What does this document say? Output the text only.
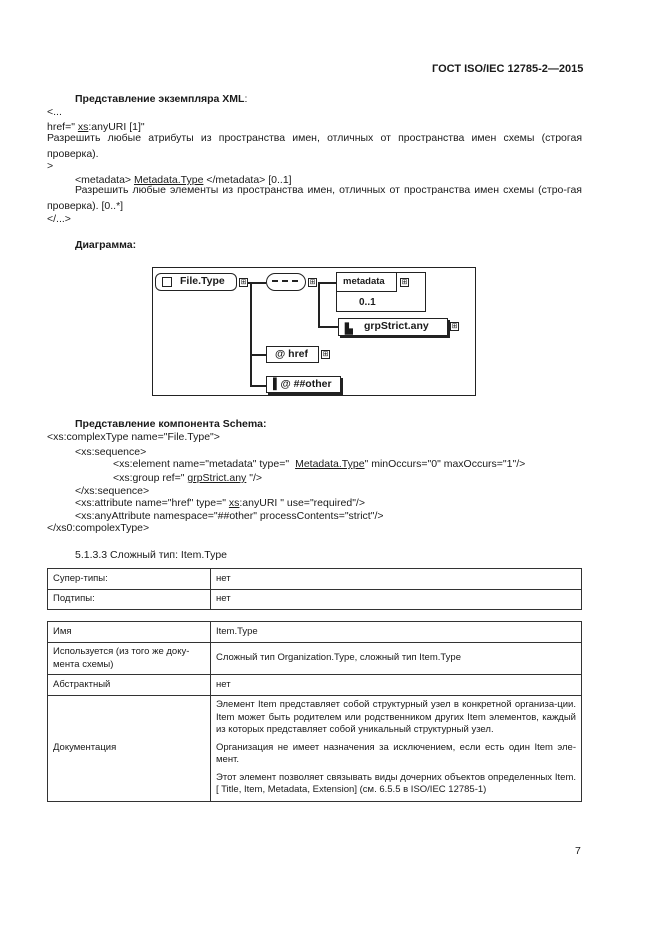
ГОСТ ISO/IEC 12785-2—2015
Представление экземпляра XML:
<...
href=" xs:anyURI [1]"
Разрешить любые атрибуты из пространства имен, отличных от пространства имен схемы (строгая проверка).
>
<metadata> Metadata.Type </metadata> [0..1]
Разрешить любые элементы из пространства имен, отличных от пространства имен схемы (стро-гая проверка). [0..*]
</...>
Диаграмма:
File.Type	⊞	⊞	metadata	⊞
0..1
▙ grpStrict.any	⊞
@ href	⊞
▌@ ##other
Представление компонента Schema:
<xs:complexType name="File.Type">
<xs:sequence>
<xs:element name="metadata" type=" Metadata.Type " minOccurs="0" maxOccurs="1"/>
<xs:group ref=" grpStrict.any "/>
</xs:sequence>
<xs:attribute name="href" type=" xs:anyURI " use="required"/>
<xs:anyAttribute namespace="##other" processContents="strict"/>
</xs0:compolexType>
5.1.3.3 Сложный тип: Item.Type
Супер-типы:	нет
Подтипы:	нет
Имя	Item.Type
Используется (из того же доку-мента схемы)	Сложный тип Organization.Type, сложный тип Item.Type
Абстрактный	нет
Документация	Элемент Item представляет собой структурный узел в конкретной организа-ции. Item может быть родителем или родственником других Item элементов, каждый из которых представляет собой уникальный структурный узел.
Организация не имеет назначения за исключением, если есть один Item эле-мент.
Этот элемент позволяет связывать виды дочерних объектов определенных Item.[ Title, Item, Metadata, Extension] (см. 6.5.5 в ISO/IEC 12785-1)
7
